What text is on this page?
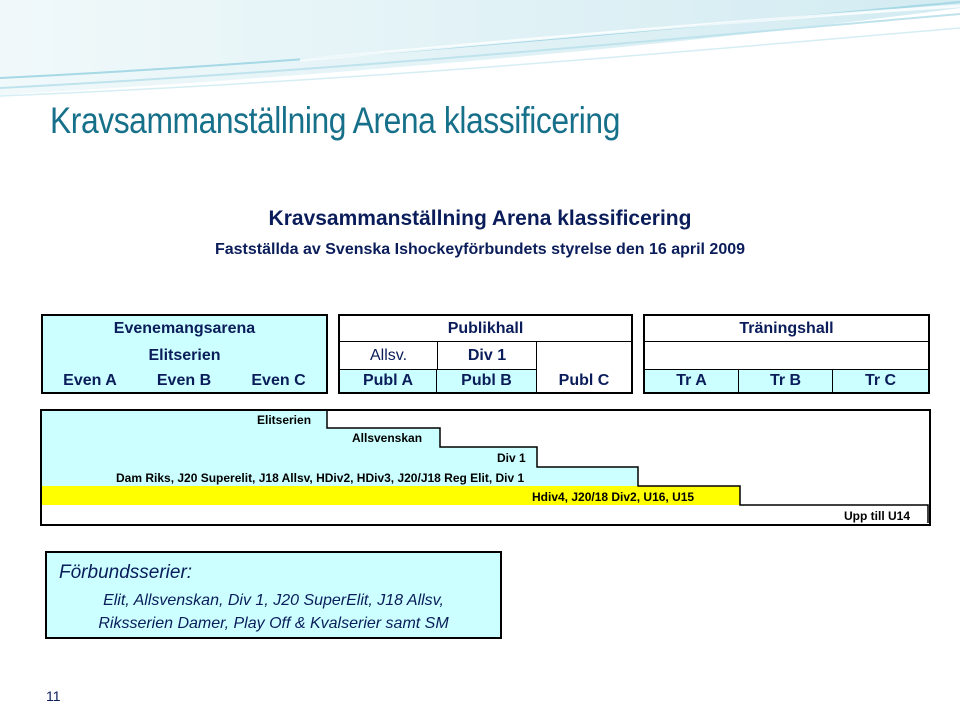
Kravsammanställning Arena klassificering
Kravsammanställning Arena klassificering
Fastställda av Svenska Ishockeyförbundets styrelse den 16 april 2009
Evenemangsarena
Elitserien
Even A	Even B	Even C
Publikhall
Allsv.	Div 1
Publ A	Publ B	Publ C
Träningshall
Tr A	Tr B	Tr C
Elitserien
Allsvenskan
Div 1
Dam Riks, J20 Superelit, J18 Allsv, HDiv2, HDiv3, J20/J18 Reg Elit, Div 1
Hdiv4, J20/18 Div2, U16, U15
Upp till U14
Förbundsserier:
Elit, Allsvenskan, Div 1, J20 SuperElit, J18 Allsv,
Riksserien Damer, Play Off & Kvalserier samt SM
11
